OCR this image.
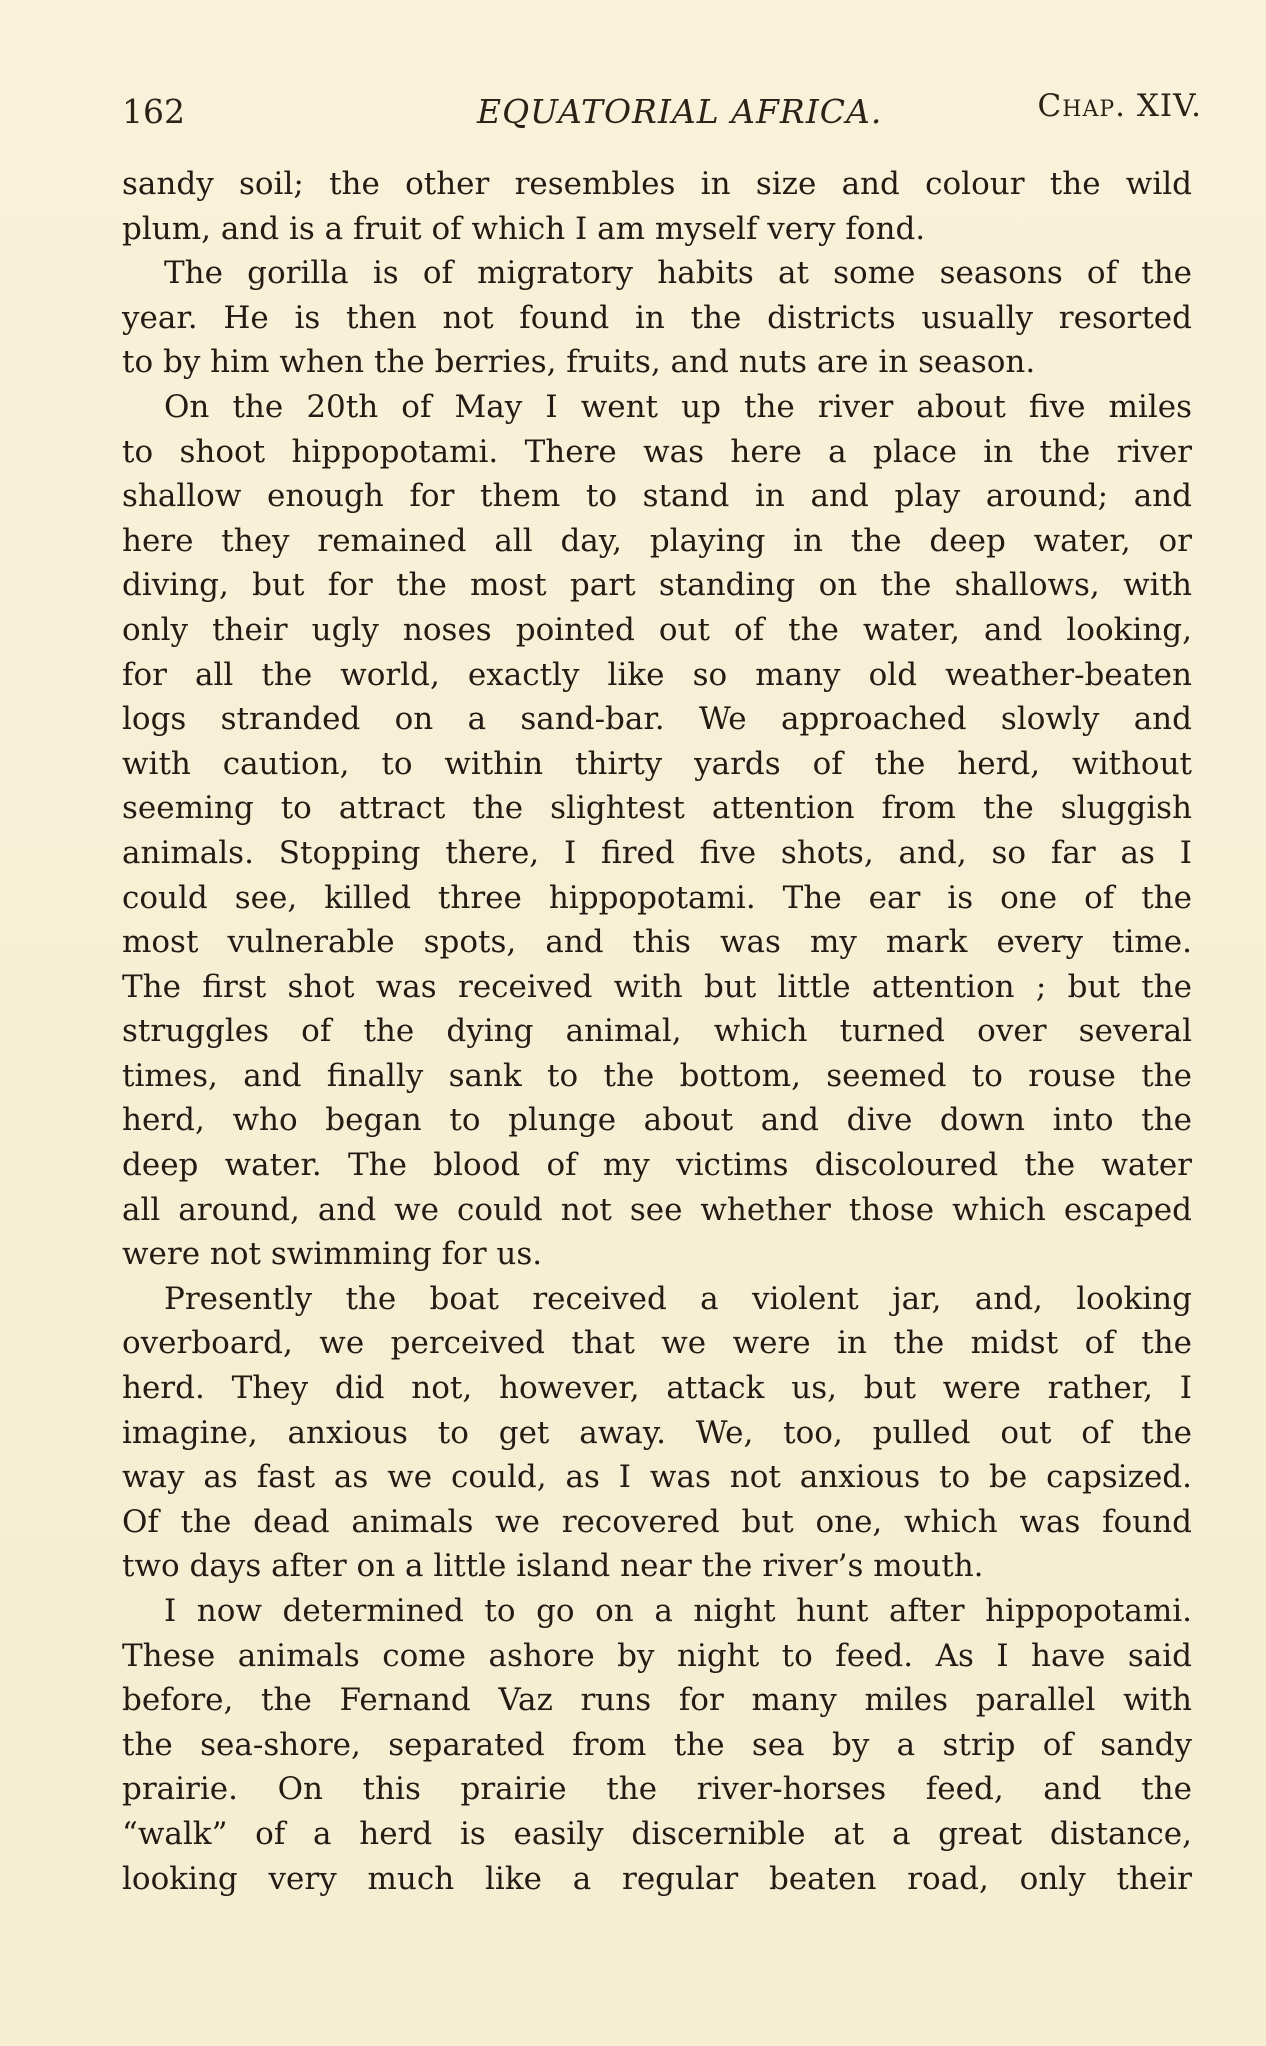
162	EQUATORIAL AFRICA.	Chap. XIV.
sandy soil; the other resembles in size and colour the wild
plum, and is a fruit of which I am myself very fond.
The gorilla is of migratory habits at some seasons of the
year. He is then not found in the districts usually resorted
to by him when the berries, fruits, and nuts are in season.
On the 20th of May I went up the river about five miles
to shoot hippopotami. There was here a place in the river
shallow enough for them to stand in and play around; and
here they remained all day, playing in the deep water, or
diving, but for the most part standing on the shallows, with
only their ugly noses pointed out of the water, and looking,
for all the world, exactly like so many old weather-beaten
logs stranded on a sand-bar. We approached slowly and
with caution, to within thirty yards of the herd, without
seeming to attract the slightest attention from the sluggish
animals. Stopping there, I fired five shots, and, so far as I
could see, killed three hippopotami. The ear is one of the
most vulnerable spots, and this was my mark every time.
The first shot was received with but little attention ; but the
struggles of the dying animal, which turned over several
times, and finally sank to the bottom, seemed to rouse the
herd, who began to plunge about and dive down into the
deep water. The blood of my victims discoloured the water
all around, and we could not see whether those which escaped
were not swimming for us.
Presently the boat received a violent jar, and, looking
overboard, we perceived that we were in the midst of the
herd. They did not, however, attack us, but were rather, I
imagine, anxious to get away. We, too, pulled out of the
way as fast as we could, as I was not anxious to be capsized.
Of the dead animals we recovered but one, which was found
two days after on a little island near the river’s mouth.
I now determined to go on a night hunt after hippopotami.
These animals come ashore by night to feed. As I have said
before, the Fernand Vaz runs for many miles parallel with
the sea-shore, separated from the sea by a strip of sandy
prairie. On this prairie the river-horses feed, and the
“walk” of a herd is easily discernible at a great distance,
looking very much like a regular beaten road, only their
